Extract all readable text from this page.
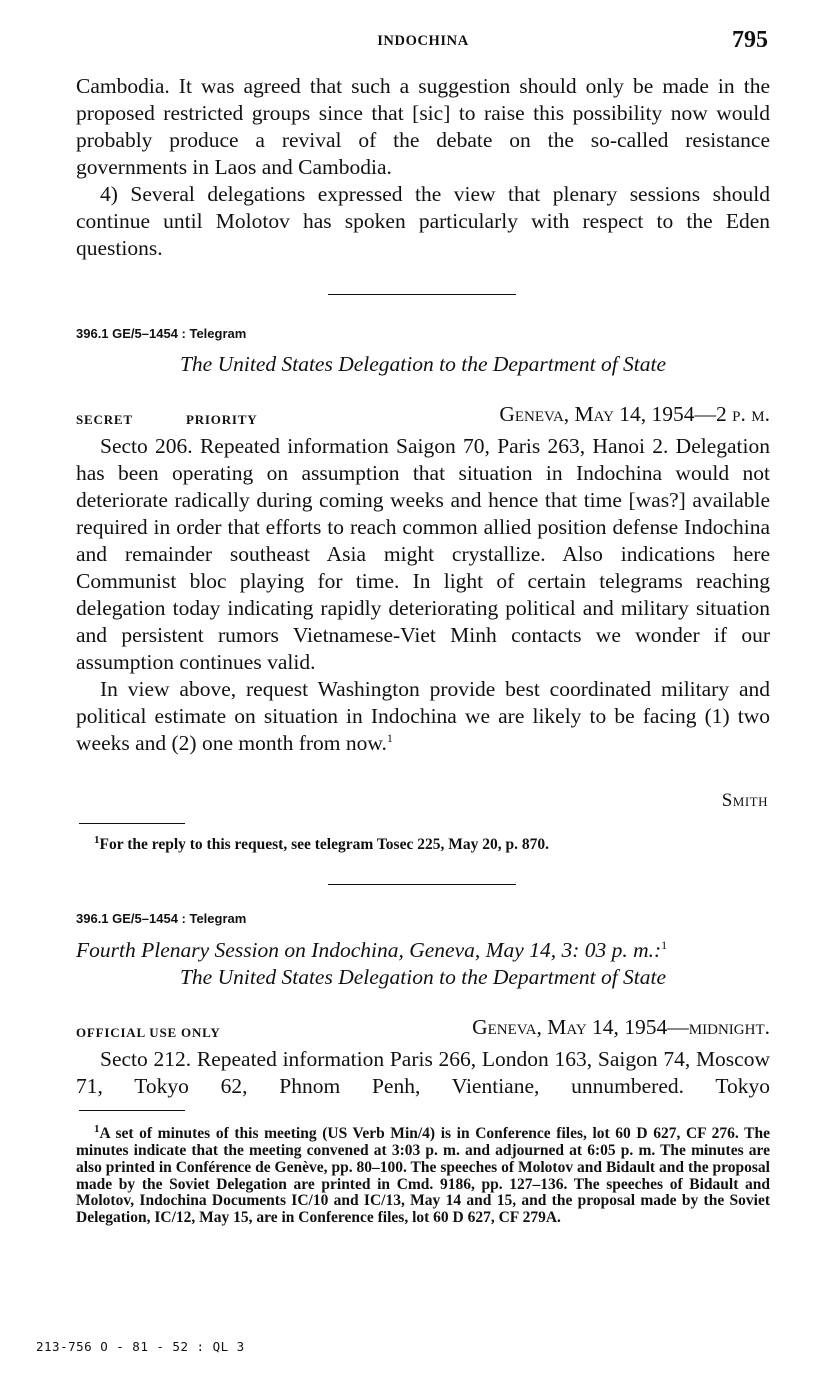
INDOCHINA	795

Cambodia. It was agreed that such a suggestion should only be made in the proposed restricted groups since that [sic] to raise this possibility now would probably produce a revival of the debate on the so-called resistance governments in Laos and Cambodia.

4) Several delegations expressed the view that plenary sessions should continue until Molotov has spoken particularly with respect to the Eden questions.

396.1 GE/5–1454 : Telegram
The United States Delegation to the Department of State
SECRET	PRIORITY	Geneva, May 14, 1954—2 p. m.

Secto 206. Repeated information Saigon 70, Paris 263, Hanoi 2. Delegation has been operating on assumption that situation in Indochina would not deteriorate radically during coming weeks and hence that time [was?] available required in order that efforts to reach common allied position defense Indochina and remainder southeast Asia might crystallize. Also indications here Communist bloc playing for time. In light of certain telegrams reaching delegation today indicating rapidly deteriorating political and military situation and persistent rumors Vietnamese-Viet Minh contacts we wonder if our assumption continues valid.

In view above, request Washington provide best coordinated military and political estimate on situation in Indochina we are likely to be facing (1) two weeks and (2) one month from now.$^1$

Smith

$^1$For the reply to this request, see telegram Tosec 225, May 20, p. 870.

396.1 GE/5–1454 : Telegram
Fourth Plenary Session on Indochina, Geneva, May 14, 3: 03 p. m.:$^1$
The United States Delegation to the Department of State
OFFICIAL USE ONLY	Geneva, May 14, 1954—midnight.

Secto 212. Repeated information Paris 266, London 163, Saigon 74, Moscow 71, Tokyo 62, Phnom Penh, Vientiane, unnumbered. Tokyo

$^1$A set of minutes of this meeting (US Verb Min/4) is in Conference files, lot 60 D 627, CF 276. The minutes indicate that the meeting convened at 3:03 p. m. and adjourned at 6:05 p. m. The minutes are also printed in Conférence de Genève, pp. 80–100. The speeches of Molotov and Bidault and the proposal made by the Soviet Delegation are printed in Cmd. 9186, pp. 127–136. The speeches of Bidault and Molotov, Indochina Documents IC/10 and IC/13, May 14 and 15, and the proposal made by the Soviet Delegation, IC/12, May 15, are in Conference files, lot 60 D 627, CF 279A.

213-756 O - 81 - 52 : QL 3
